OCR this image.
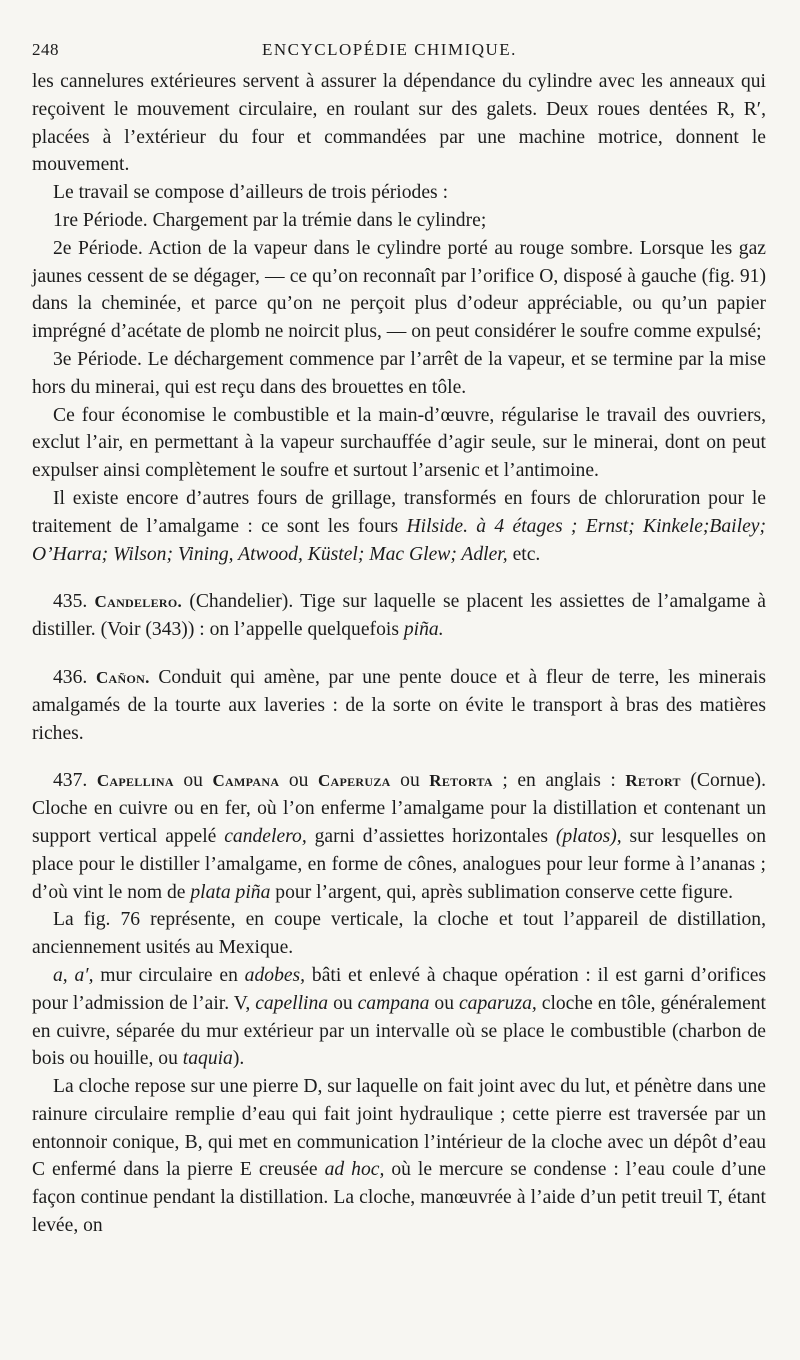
248	ENCYCLOPÉDIE CHIMIQUE.

les cannelures extérieures servent à assurer la dépendance du cylindre avec les anneaux qui reçoivent le mouvement circulaire, en roulant sur des galets. Deux roues dentées R, R′, placées à l’extérieur du four et commandées par une machine motrice, donnent le mouvement.

Le travail se compose d’ailleurs de trois périodes :

1re Période. Chargement par la trémie dans le cylindre;

2e Période. Action de la vapeur dans le cylindre porté au rouge sombre. Lorsque les gaz jaunes cessent de se dégager, — ce qu’on reconnaît par l’orifice O, disposé à gauche (fig. 91) dans la cheminée, et parce qu’on ne perçoit plus d’odeur appréciable, ou qu’un papier imprégné d’acétate de plomb ne noircit plus, — on peut considérer le soufre comme expulsé;

3e Période. Le déchargement commence par l’arrêt de la vapeur, et se termine par la mise hors du minerai, qui est reçu dans des brouettes en tôle.

Ce four économise le combustible et la main-d’œuvre, régularise le travail des ouvriers, exclut l’air, en permettant à la vapeur surchauffée d’agir seule, sur le minerai, dont on peut expulser ainsi complètement le soufre et surtout l’arsenic et l’antimoine.

Il existe encore d’autres fours de grillage, transformés en fours de chloruration pour le traitement de l’amalgame : ce sont les fours Hilside. à 4 étages ; Ernst; Kinkele;Bailey; O’Harra; Wilson; Vining, Atwood, Küstel; Mac Glew; Adler, etc.

435. Candelero. (Chandelier). Tige sur laquelle se placent les assiettes de l’amalgame à distiller. (Voir (343)) : on l’appelle quelquefois piña.

436. Cañon. Conduit qui amène, par une pente douce et à fleur de terre, les minerais amalgamés de la tourte aux laveries : de la sorte on évite le transport à bras des matières riches.

437. Capellina ou Campana ou Caperuza ou Retorta ; en anglais : Retort (Cornue). Cloche en cuivre ou en fer, où l’on enferme l’amalgame pour la distillation et contenant un support vertical appelé candelero, garni d’assiettes horizontales (platos), sur lesquelles on place pour le distiller l’amalgame, en forme de cônes, analogues pour leur forme à l’ananas ; d’où vint le nom de plata piña pour l’argent, qui, après sublimation conserve cette figure.

La fig. 76 représente, en coupe verticale, la cloche et tout l’appareil de distillation, anciennement usités au Mexique.

a, a′, mur circulaire en adobes, bâti et enlevé à chaque opération : il est garni d’orifices pour l’admission de l’air. V, capellina ou campana ou caparuza, cloche en tôle, généralement en cuivre, séparée du mur extérieur par un intervalle où se place le combustible (charbon de bois ou houille, ou taquia).

La cloche repose sur une pierre D, sur laquelle on fait joint avec du lut, et pénètre dans une rainure circulaire remplie d’eau qui fait joint hydraulique ; cette pierre est traversée par un entonnoir conique, B, qui met en communication l’intérieur de la cloche avec un dépôt d’eau C enfermé dans la pierre E creusée ad hoc, où le mercure se condense : l’eau coule d’une façon continue pendant la distillation. La cloche, manœuvrée à l’aide d’un petit treuil T, étant levée, on
